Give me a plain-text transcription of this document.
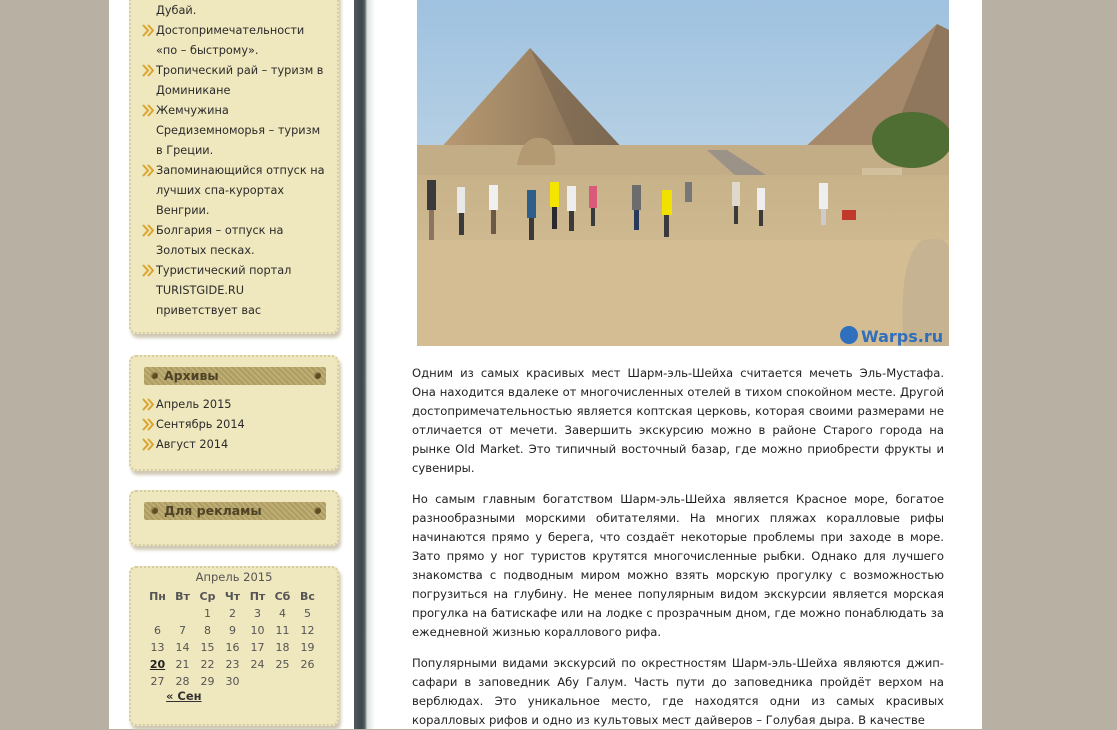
Дубай.
Достопримечательности «по – быстрому».
Тропический рай – туризм в Доминикане
Жемчужина Средиземноморья – туризм в Греции.
Запоминающийся отпуск на лучших спа-курортах Венгрии.
Болгария – отпуск на Золотых песках.
Туристический портал TURISTGIDE.RU приветствует вас
Архивы
Апрель 2015
Сентябрь 2014
Август 2014
Для рекламы
Апрель 2015
Пн	Вт	Ср	Чт	Пт	Сб	Вс
		1	2	3	4	5
6	7	8	9	10	11	12
13	14	15	16	17	18	19
20	21	22	23	24	25	26
27	28	29	30			
« Сен
Warps.ru

Одним из самых красивых мест Шарм-эль-Шейха считается мечеть Эль-Мустафа. Она находится вдалеке от многочисленных отелей в тихом спокойном месте. Другой достопримечательностью является коптская церковь, которая своими размерами не отличается от мечети. Завершить экскурсию можно в районе Старого города на рынке Old Market. Это типичный восточный базар, где можно приобрести фрукты и сувениры.

Но самым главным богатством Шарм-эль-Шейха является Красное море, богатое разнообразными морскими обитателями. На многих пляжах коралловые рифы начинаются прямо у берега, что создаёт некоторые проблемы при заходе в море. Зато прямо у ног туристов крутятся многочисленные рыбки. Однако для лучшего знакомства с подводным миром можно взять морскую прогулку с возможностью погрузиться на глубину. Не менее популярным видом экскурсии является морская прогулка на батискафе или на лодке с прозрачным дном, где можно понаблюдать за ежедневной жизнью кораллового рифа.

Популярными видами экскурсий по окрестностям Шарм-эль-Шейха являются джип-сафари в заповедник Абу Галум. Часть пути до заповедника пройдёт верхом на верблюдах. Это уникальное место, где находятся одни из самых красивых коралловых рифов и одно из культовых мест дайверов – Голубая дыра. В качестве
